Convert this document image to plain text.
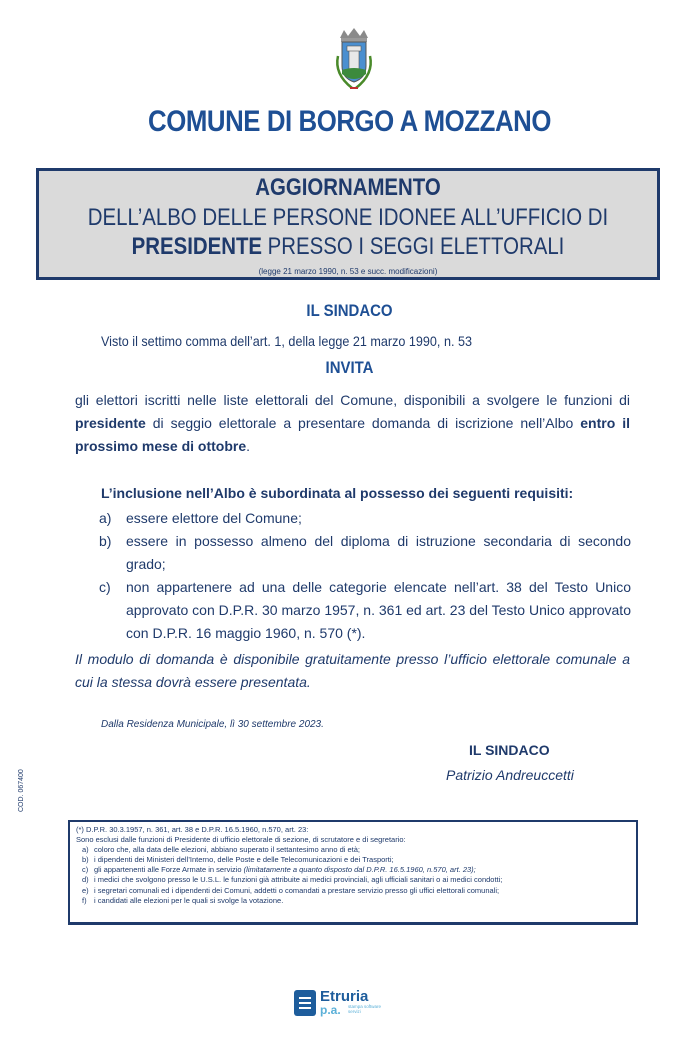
COMUNE DI BORGO A MOZZANO
AGGIORNAMENTO
DELL’ALBO DELLE PERSONE IDONEE ALL’UFFICIO DI
PRESIDENTE PRESSO I SEGGI ELETTORALI
(legge 21 marzo 1990, n. 53 e succ. modificazioni)
IL SINDACO
Visto il settimo comma dell’art. 1, della legge 21 marzo 1990, n. 53
INVITA
gli elettori iscritti nelle liste elettorali del Comune, disponibili a svolgere le funzioni di presidente di seggio elettorale a presentare domanda di iscrizione nell’Albo entro il prossimo mese di ottobre.
L’inclusione nell’Albo è subordinata al possesso dei seguenti requisiti:
a) essere elettore del Comune;
b) essere in possesso almeno del diploma di istruzione secondaria di secondo grado;
c) non appartenere ad una delle categorie elencate nell’art. 38 del Testo Unico approvato con D.P.R. 30 marzo 1957, n. 361 ed art. 23 del Testo Unico approvato con D.P.R. 16 maggio 1960, n. 570 (*).
Il modulo di domanda è disponibile gratuitamente presso l’ufficio elettorale comunale a cui la stessa dovrà essere presentata.
Dalla Residenza Municipale, lì 30 settembre 2023.
IL SINDACO
Patrizio Andreuccetti
COD. 067400
(*) D.P.R. 30.3.1957, n. 361, art. 38 e D.P.R. 16.5.1960, n.570, art. 23:
Sono esclusi dalle funzioni di Presidente di ufficio elettorale di sezione, di scrutatore e di segretario:
a) coloro che, alla data delle elezioni, abbiano superato il settantesimo anno di età;
b) i dipendenti dei Ministeri dell’Interno, delle Poste e delle Telecomunicazioni e dei Trasporti;
c) gli appartenenti alle Forze Armate in servizio (limitatamente a quanto disposto dal D.P.R. 16.5.1960, n.570, art. 23);
d) i medici che svolgono presso le U.S.L. le funzioni già attribuite ai medici provinciali, agli ufficiali sanitari o ai medici condotti;
e) i segretari comunali ed i dipendenti dei Comuni, addetti o comandati a prestare servizio presso gli uffici elettorali comunali;
f) i candidati alle elezioni per le quali si svolge la votazione.
Etruria
p.a. stampa software servizi
